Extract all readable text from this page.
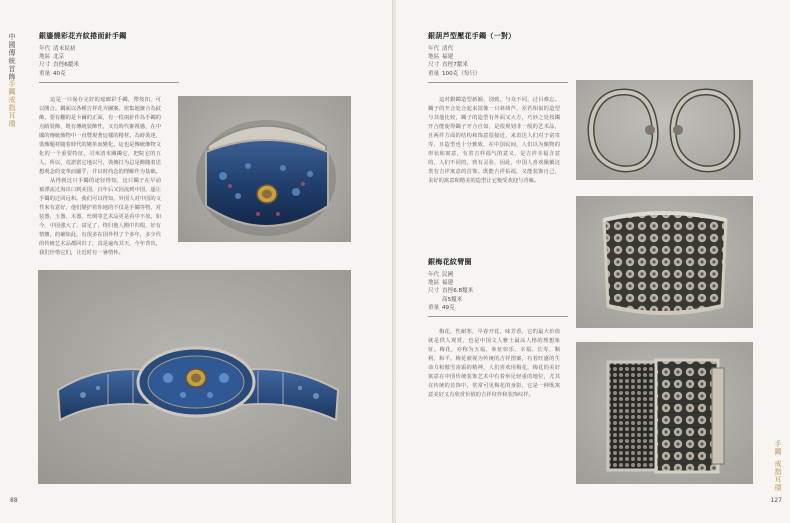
中國傳統首飾
手鐲戒指耳環
銀鎏燒彩花卉紋捲面針手鐲
年代 清末民初
地區 北京
尺寸 直徑6釐米
重量 40克

這是一只保存完好的琺瑯彩手鐲，帶按扣，可以開合。鐲面以各種吉祥花卉圖案、密集地聚合為紋飾，要有翻的是卡爾的正面，有一枚兩針作為手鐲的点睛裝飾，既有傳統裝飾性，又有時代審視感，在中國的傳統飾物中一直暨現著這樣的精材。為時裝達，裝飾題材隨着時代的變革而變化，這也是傳統飾物文化的一个重要特征，司來清末關鐲它，把院它的五人，所以，荒諾當它地以号，裝飾打为总是飾隨着思想观念的变革而顯乎，并以时尚念的理解作为基础。

从得到这只手镯的途径得知，这只镯子在早前被漂流过海出口到美国，百年后又因流到中国，遂让手镯的迁回远和。我们可以得知，外国人对中国的文性來有意好，他们變护着你地的不仅是手镯等物，对装器，玉器，木器，丝绸等艺术品更是看中不放。如今，中国強大了，富足了，终归他人搬中归根，好有情懷，的确如此，有很多在国外得了个多年，多少代的传統艺术品都回归了，真是遍布其天，今年背出，我们珍惜它们，让近时有一暑情怀。

88
銀葫芦型壓花手鐲（一對）
年代 清代
地區 福建
尺寸 直徑7釐米
重量 100克（每只）

這对銀鐲造型新颖、别致，与众不同，过目难忘。鐲子的开合处合起来很像一只斜葫芦，差若相似的造型与其他比较，鐲子的造型有外面又大方，巧妙之处按鐲开合能使得鐲子开合自如，是很规划非一般的艺术品，且两件方面的结构和饰意很接近，来表达人们对于富贵寿，且造型也十分雅致，在中国民间，人们以为佩物的形状和寓意，有着吉样福气的意义，是吉祥幸福含意的，人们不同的，到有灵验，因此，中国人喜欢佩戴这类有吉祥寓意的首饰。既能吉祥佑福，又能装饰自己，美好的寓意和精美的造型让它极受欢迎与青睐。

銀梅花紋臂圈
年代 民國
地區 福建
尺寸 直徑6.8釐米
高5釐米
重量 49克

梅花，性耐寒，早春开花，味芳香，它的最大价值就是供人观赏，也是中国文人雅士最高人格的理想象征。梅花，亦称为五福，象征快乐、幸福、长寿、顺利、和平。梅花被视为传统的吉祥图案，有着旺盛的生命力和傲雪凌霜的精神，人们喜欢用梅花，梅花的美好寓意在中国传统装饰艺术中有着举足轻重的地位，尤其在传统的首饰中，常常可见梅花的身影，它是一种既寓意美好又有欣赏价值的吉祥纹样和装饰纹样。

手鐲
戒指耳環
127
